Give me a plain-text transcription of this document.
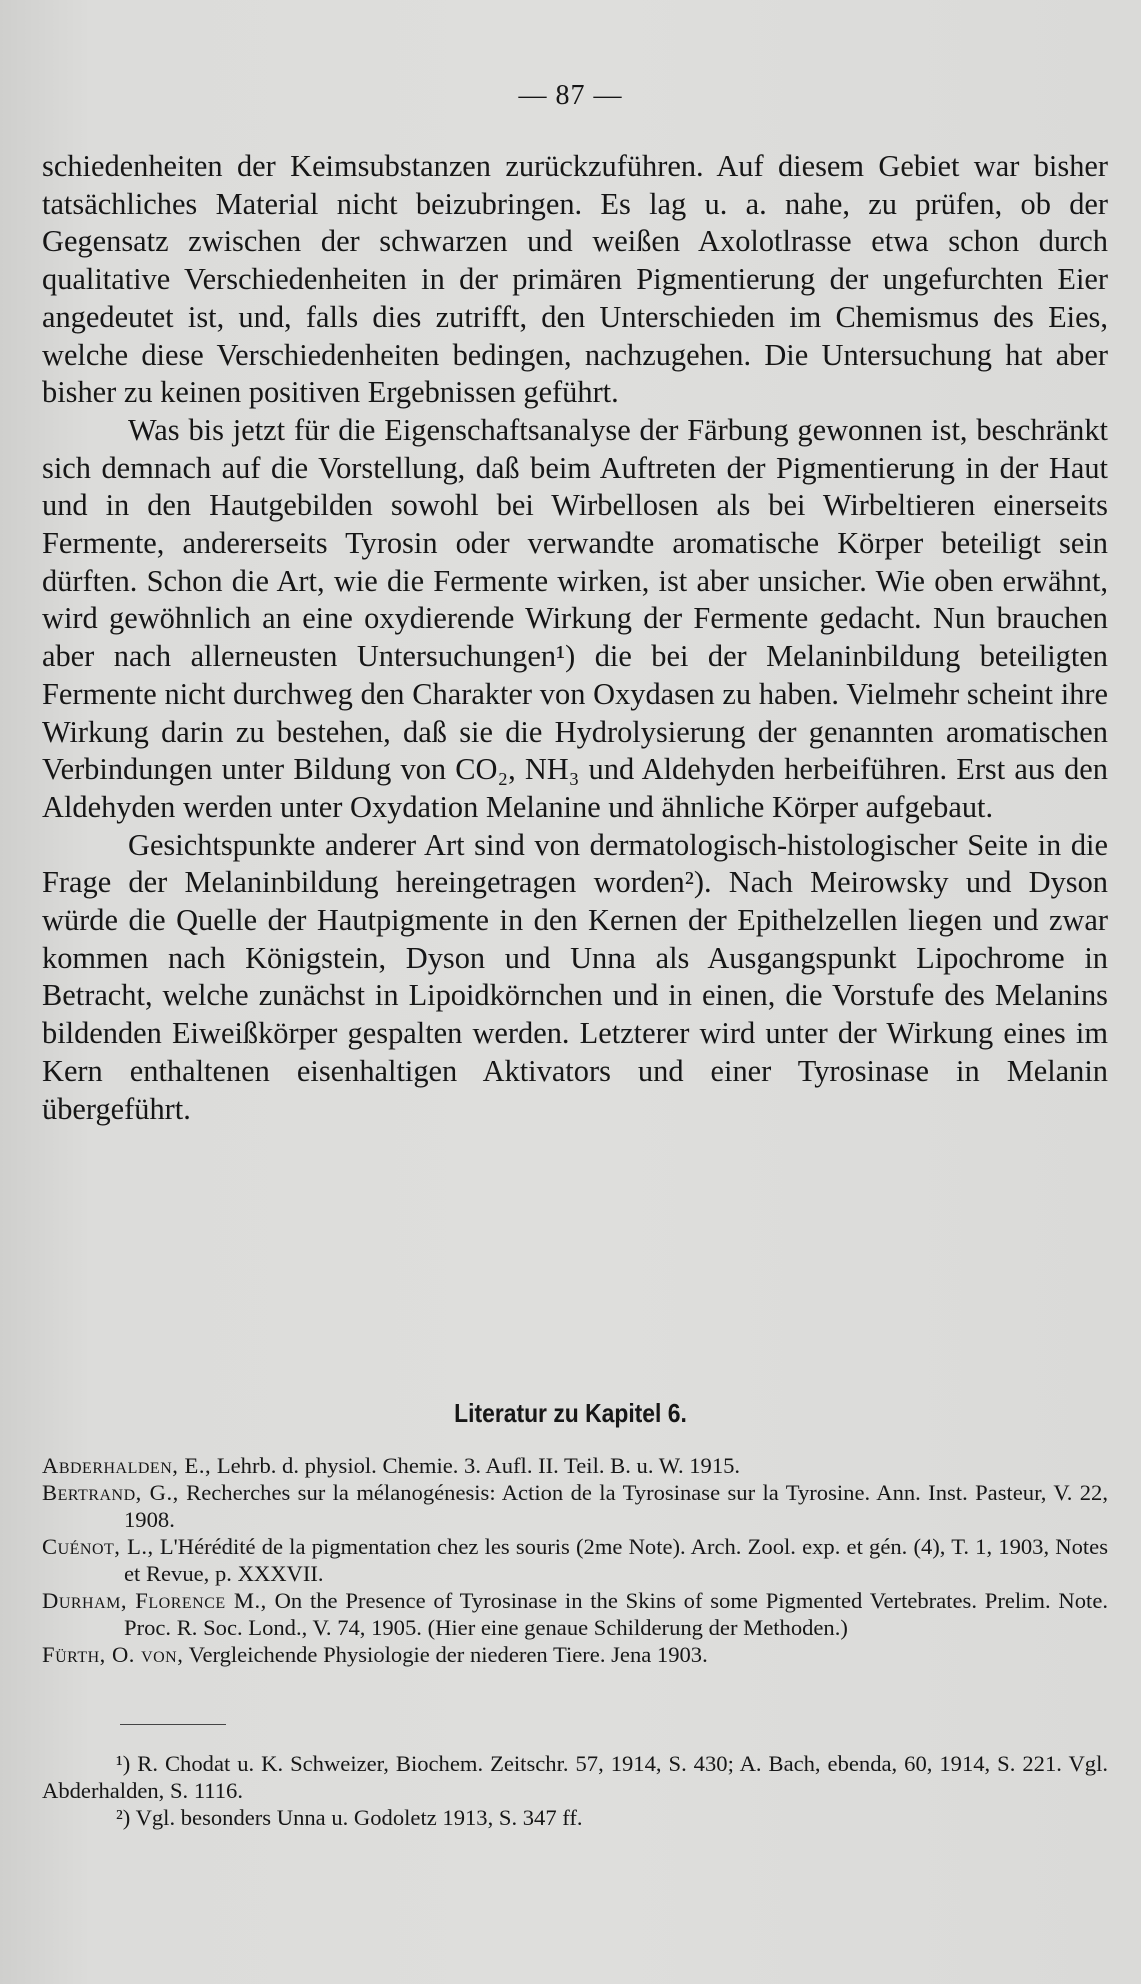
— 87 —

schiedenheiten der Keimsubstanzen zurückzuführen. Auf diesem Gebiet war bisher tatsächliches Material nicht beizubringen. Es lag u. a. nahe, zu prüfen, ob der Gegensatz zwischen der schwarzen und weißen Axolotlrasse etwa schon durch qualitative Verschiedenheiten in der primären Pigmentierung der ungefurchten Eier angedeutet ist, und, falls dies zutrifft, den Unterschieden im Chemismus des Eies, welche diese Verschiedenheiten bedingen, nachzugehen. Die Untersuchung hat aber bisher zu keinen positiven Ergebnissen geführt.

Was bis jetzt für die Eigenschaftsanalyse der Färbung gewonnen ist, beschränkt sich demnach auf die Vorstellung, daß beim Auftreten der Pigmentierung in der Haut und in den Hautgebilden sowohl bei Wirbellosen als bei Wirbeltieren einerseits Fermente, andererseits Tyrosin oder verwandte aromatische Körper beteiligt sein dürften. Schon die Art, wie die Fermente wirken, ist aber unsicher. Wie oben erwähnt, wird gewöhnlich an eine oxydierende Wirkung der Fermente gedacht. Nun brauchen aber nach allerneusten Untersuchungen¹) die bei der Melaninbildung beteiligten Fermente nicht durchweg den Charakter von Oxydasen zu haben. Vielmehr scheint ihre Wirkung darin zu bestehen, daß sie die Hydrolysierung der genannten aromatischen Verbindungen unter Bildung von CO₂, NH₃ und Aldehyden herbeiführen. Erst aus den Aldehyden werden unter Oxydation Melanine und ähnliche Körper aufgebaut.

Gesichtspunkte anderer Art sind von dermatologisch-histologischer Seite in die Frage der Melaninbildung hereingetragen worden²). Nach Meirowsky und Dyson würde die Quelle der Hautpigmente in den Kernen der Epithelzellen liegen und zwar kommen nach Königstein, Dyson und Unna als Ausgangspunkt Lipochrome in Betracht, welche zunächst in Lipoidkörnchen und in einen, die Vorstufe des Melanins bildenden Eiweißkörper gespalten werden. Letzterer wird unter der Wirkung eines im Kern enthaltenen eisenhaltigen Aktivators und einer Tyrosinase in Melanin übergeführt.

Literatur zu Kapitel 6.
Abderhalden, E., Lehrb. d. physiol. Chemie. 3. Aufl. II. Teil. B. u. W. 1915.
Bertrand, G., Recherches sur la mélanogénesis: Action de la Tyrosinase sur la Tyrosine. Ann. Inst. Pasteur, V. 22, 1908.
Cuénot, L., L'Hérédité de la pigmentation chez les souris (2me Note). Arch. Zool. exp. et gén. (4), T. 1, 1903, Notes et Revue, p. XXXVII.
Durham, Florence M., On the Presence of Tyrosinase in the Skins of some Pigmented Vertebrates. Prelim. Note. Proc. R. Soc. Lond., V. 74, 1905. (Hier eine genaue Schilderung der Methoden.)
Fürth, O. von, Vergleichende Physiologie der niederen Tiere. Jena 1903.
¹) R. Chodat u. K. Schweizer, Biochem. Zeitschr. 57, 1914, S. 430; A. Bach, ebenda, 60, 1914, S. 221. Vgl. Abderhalden, S. 1116.
²) Vgl. besonders Unna u. Godoletz 1913, S. 347 ff.
